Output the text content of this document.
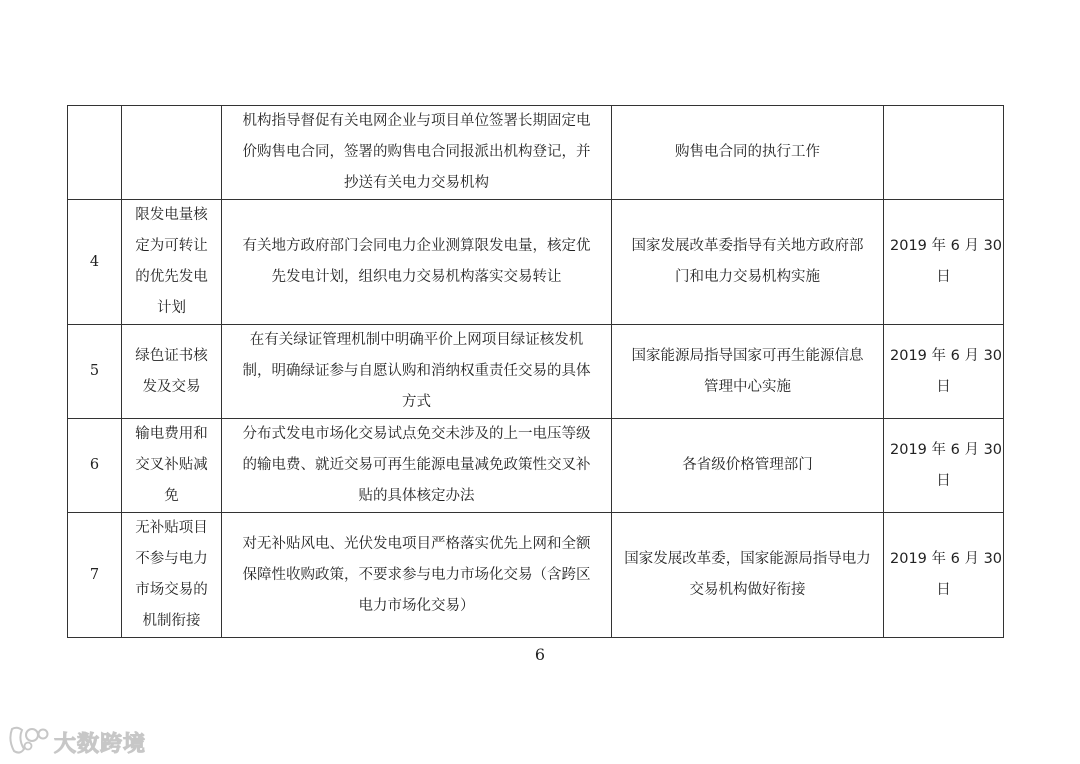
		机构指导督促有关电网企业与项目单位签署长期固定电
价购售电合同，签署的购售电合同报派出机构登记，并
抄送有关电力交易机构	购售电合同的执行工作	

4	限发电量核
定为可转让
的优先发电
计划	有关地方政府部门会同电力企业测算限发电量，核定优
先发电计划，组织电力交易机构落实交易转让	国家发展改革委指导有关地方政府部
门和电力交易机构实施	2019 年 6 月 30
日

5	绿色证书核
发及交易	在有关绿证管理机制中明确平价上网项目绿证核发机
制，明确绿证参与自愿认购和消纳权重责任交易的具体
方式	国家能源局指导国家可再生能源信息
管理中心实施	2019 年 6 月 30
日

6	输电费用和
交叉补贴减
免	分布式发电市场化交易试点免交未涉及的上一电压等级
的输电费、就近交易可再生能源电量减免政策性交叉补
贴的具体核定办法	各省级价格管理部门	2019 年 6 月 30
日

7	无补贴项目
不参与电力
市场交易的
机制衔接	对无补贴风电、光伏发电项目严格落实优先上网和全额
保障性收购政策，不要求参与电力市场化交易（含跨区
电力市场化交易）	国家发展改革委，国家能源局指导电力
交易机构做好衔接	2019 年 6 月 30
日
6
大数跨境
